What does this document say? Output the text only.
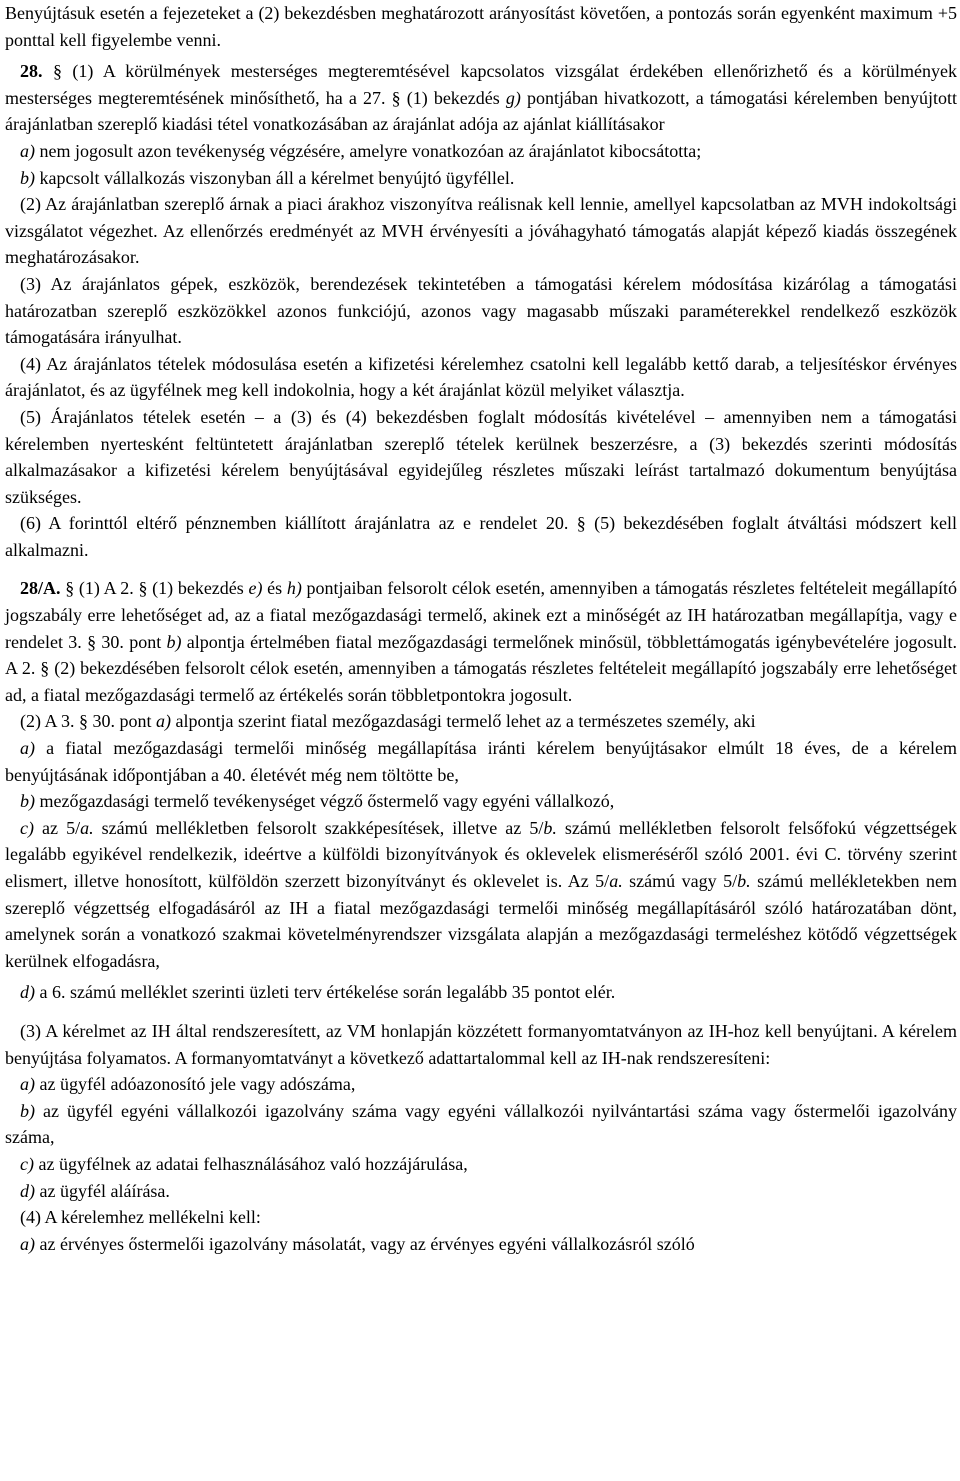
Benyújtásuk esetén a fejezeteket a (2) bekezdésben meghatározott arányosítást követően, a pontozás során egyenként maximum +5 ponttal kell figyelembe venni.

28. § (1) A körülmények mesterséges megteremtésével kapcsolatos vizsgálat érdekében ellenőrizhető és a körülmények mesterséges megteremtésének minősíthető, ha a 27. § (1) bekezdés g) pontjában hivatkozott, a támogatási kérelemben benyújtott árajánlatban szereplő kiadási tétel vonatkozásában az árajánlat adója az ajánlat kiállításakor

a) nem jogosult azon tevékenység végzésére, amelyre vonatkozóan az árajánlatot kibocsátotta;

b) kapcsolt vállalkozás viszonyban áll a kérelmet benyújtó ügyféllel.

(2) Az árajánlatban szereplő árnak a piaci árakhoz viszonyítva reálisnak kell lennie, amellyel kapcsolatban az MVH indokoltsági vizsgálatot végezhet. Az ellenőrzés eredményét az MVH érvényesíti a jóváhagyható támogatás alapját képező kiadás összegének meghatározásakor.

(3) Az árajánlatos gépek, eszközök, berendezések tekintetében a támogatási kérelem módosítása kizárólag a támogatási határozatban szereplő eszközökkel azonos funkciójú, azonos vagy magasabb műszaki paraméterekkel rendelkező eszközök támogatására irányulhat.

(4) Az árajánlatos tételek módosulása esetén a kifizetési kérelemhez csatolni kell legalább kettő darab, a teljesítéskor érvényes árajánlatot, és az ügyfélnek meg kell indokolnia, hogy a két árajánlat közül melyiket választja.

(5) Árajánlatos tételek esetén – a (3) és (4) bekezdésben foglalt módosítás kivételével – amennyiben nem a támogatási kérelemben nyertesként feltüntetett árajánlatban szereplő tételek kerülnek beszerzésre, a (3) bekezdés szerinti módosítás alkalmazásakor a kifizetési kérelem benyújtásával egyidejűleg részletes műszaki leírást tartalmazó dokumentum benyújtása szükséges.

(6) A forinttól eltérő pénznemben kiállított árajánlatra az e rendelet 20. § (5) bekezdésében foglalt átváltási módszert kell alkalmazni.

28/A. § (1) A 2. § (1) bekezdés e) és h) pontjaiban felsorolt célok esetén, amennyiben a támogatás részletes feltételeit megállapító jogszabály erre lehetőséget ad, az a fiatal mezőgazdasági termelő, akinek ezt a minőségét az IH határozatban megállapítja, vagy e rendelet 3. § 30. pont b) alpontja értelmében fiatal mezőgazdasági termelőnek minősül, többlettámogatás igénybevételére jogosult. A 2. § (2) bekezdésében felsorolt célok esetén, amennyiben a támogatás részletes feltételeit megállapító jogszabály erre lehetőséget ad, a fiatal mezőgazdasági termelő az értékelés során többletpontokra jogosult.

(2) A 3. § 30. pont a) alpontja szerint fiatal mezőgazdasági termelő lehet az a természetes személy, aki

a) a fiatal mezőgazdasági termelői minőség megállapítása iránti kérelem benyújtásakor elmúlt 18 éves, de a kérelem benyújtásának időpontjában a 40. életévét még nem töltötte be,

b) mezőgazdasági termelő tevékenységet végző őstermelő vagy egyéni vállalkozó,

c) az 5/a. számú mellékletben felsorolt szakképesítések, illetve az 5/b. számú mellékletben felsorolt felsőfokú végzettségek legalább egyikével rendelkezik, ideértve a külföldi bizonyítványok és oklevelek elismeréséről szóló 2001. évi C. törvény szerint elismert, illetve honosított, külföldön szerzett bizonyítványt és oklevelet is. Az 5/a. számú vagy 5/b. számú mellékletekben nem szereplő végzettség elfogadásáról az IH a fiatal mezőgazdasági termelői minőség megállapításáról szóló határozatában dönt, amelynek során a vonatkozó szakmai követelményrendszer vizsgálata alapján a mezőgazdasági termeléshez kötődő végzettségek kerülnek elfogadásra,

d) a 6. számú melléklet szerinti üzleti terv értékelése során legalább 35 pontot elér.

(3) A kérelmet az IH által rendszeresített, az VM honlapján közzétett formanyomtatványon az IH-hoz kell benyújtani. A kérelem benyújtása folyamatos. A formanyomtatványt a következő adattartalommal kell az IH-nak rendszeresíteni:

a) az ügyfél adóazonosító jele vagy adószáma,

b) az ügyfél egyéni vállalkozói igazolvány száma vagy egyéni vállalkozói nyilvántartási száma vagy őstermelői igazolvány száma,

c) az ügyfélnek az adatai felhasználásához való hozzájárulása,

d) az ügyfél aláírása.

(4) A kérelemhez mellékelni kell:

a) az érvényes őstermelői igazolvány másolatát, vagy az érvényes egyéni vállalkozásról szóló
